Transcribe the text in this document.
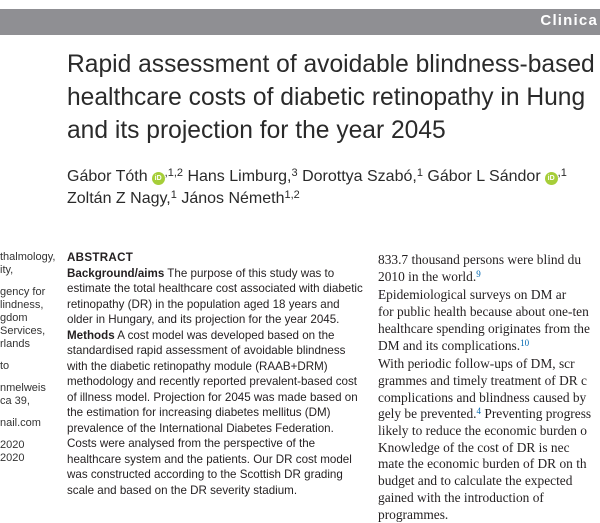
Clinica
Rapid assessment of avoidable blindness-based
healthcare costs of diabetic retinopathy in Hung
and its projection for the year 2045
Gábor Tóth iD $^{,1,2}$ Hans Limburg,$^3$ Dorottya Szabó,$^1$ Gábor L Sándor iD $^{,1}$
Zoltán Z Nagy,$^1$ János Németh$^{1,2}$
thalmology,
ity,
gency for
lindness,
gdom
Services,
rlands
to
nmelweis
ca 39,
nail.com
2020
2020
ABSTRACT
Background/aims The purpose of this study was to
estimate the total healthcare cost associated with diabetic
retinopathy (DR) in the population aged 18 years and
older in Hungary, and its projection for the year 2045.
Methods A cost model was developed based on the
standardised rapid assessment of avoidable blindness
with the diabetic retinopathy module (RAAB+DRM)
methodology and recently reported prevalent-based cost
of illness model. Projection for 2045 was made based on
the estimation for increasing diabetes mellitus (DM)
prevalence of the International Diabetes Federation.
Costs were analysed from the perspective of the
healthcare system and the patients. Our DR cost model
was constructed according to the Scottish DR grading
scale and based on the DR severity stadium.
833.7 thousand persons were blind du
2010 in the world.$^9$
Epidemiological surveys on DM ar
for public health because about one-ten
healthcare spending originates from the
DM and its complications.$^{10}$
With periodic follow-ups of DM, scr
grammes and timely treatment of DR c
complications and blindness caused by
gely be prevented.$^4$ Preventing progress
likely to reduce the economic burden o
Knowledge of the cost of DR is nec
mate the economic burden of DR on th
budget and to calculate the expected
gained with the introduction of
programmes.
